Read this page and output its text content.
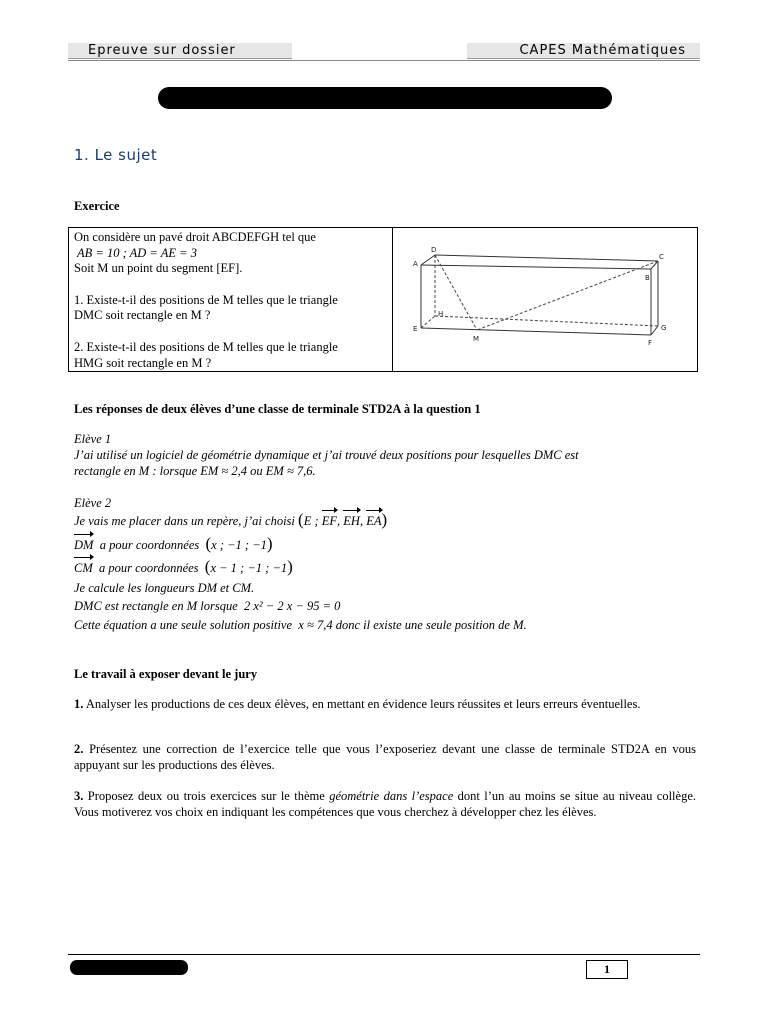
Epreuve sur dossier	CAPES Mathématiques
1. Le sujet
Exercice
On considère un pavé droit ABCDEFGH tel que
AB = 10 ; AD = AE = 3
Soit M un point du segment [EF].
1. Existe-t-il des positions de M telles que le triangle
DMC soit rectangle en M ?
2. Existe-t-il des positions de M telles que le triangle
HMG soit rectangle en M ?

A
D
B
C
E
H
M	F
G
Les réponses de deux élèves d’une classe de terminale STD2A à la question 1
Elève 1
J’ai utilisé un logiciel de géométrie dynamique et j’ai trouvé deux positions pour lesquelles DMC est
rectangle en M : lorsque EM ≈ 2,4 ou EM ≈ 7,6.
Elève 2
Je vais me placer dans un repère, j’ai choisi (E ; EF, EH, EA)
DM a pour coordonnées (x ; −1 ; −1)
CM a pour coordonnées (x − 1 ; −1 ; −1)
Je calcule les longueurs DM et CM.
DMC est rectangle en M lorsque 2 x² − 2 x − 95 = 0
Cette équation a une seule solution positive x ≈ 7,4 donc il existe une seule position de M.
Le travail à exposer devant le jury
1. Analyser les productions de ces deux élèves, en mettant en évidence leurs réussites et leurs erreurs éventuelles.
2. Présentez une correction de l’exercice telle que vous l’exposeriez devant une classe de terminale STD2A en vous appuyant sur les productions des élèves.
3. Proposez deux ou trois exercices sur le thème géométrie dans l’espace dont l’un au moins se situe au niveau collège. Vous motiverez vos choix en indiquant les compétences que vous cherchez à développer chez les élèves.
1
